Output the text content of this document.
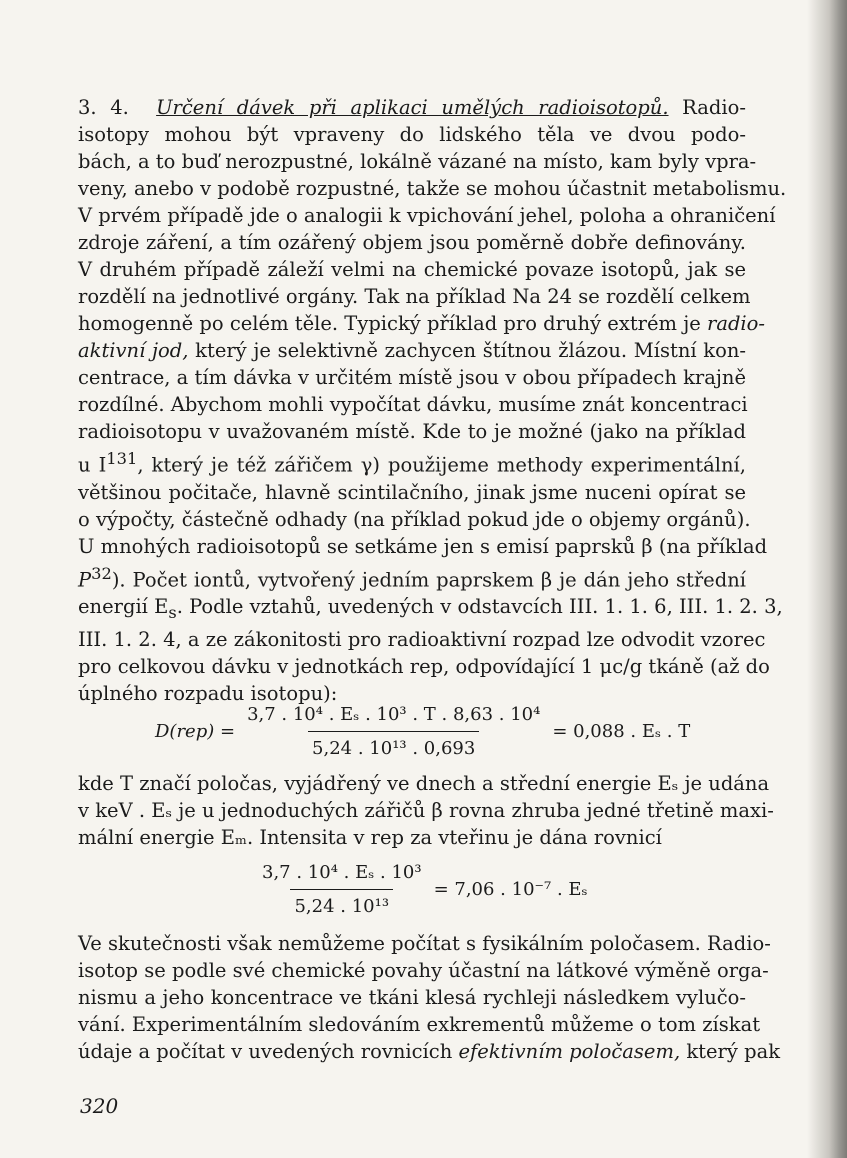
3. 4. Určení dávek při aplikaci umělých radioisotopů. Radio-
isotopy mohou být vpraveny do lidského těla ve dvou podo-
bách, a to buď nerozpustné, lokálně vázané na místo, kam byly vpra-
veny, anebo v podobě rozpustné, takže se mohou účastnit metabolismu.
V prvém případě jde o analogii k vpichování jehel, poloha a ohraničení
zdroje záření, a tím ozářený objem jsou poměrně dobře definovány.
V druhém případě záleží velmi na chemické povaze isotopů, jak se
rozdělí na jednotlivé orgány. Tak na příklad Na 24 se rozdělí celkem
homogenně po celém těle. Typický příklad pro druhý extrém je radio-
aktivní jod, který je selektivně zachycen štítnou žlázou. Místní kon-
centrace, a tím dávka v určitém místě jsou v obou případech krajně
rozdílné. Abychom mohli vypočítat dávku, musíme znát koncentraci
radioisotopu v uvažovaném místě. Kde to je možné (jako na příklad
u $I^{131}$, který je též zářičem γ) použijeme methody experimentální,
většinou počitače, hlavně scintilačního, jinak jsme nuceni opírat se
o výpočty, částečně odhady (na příklad pokud jde o objemy orgánů).
U mnohých radioisotopů se setkáme jen s emisí paprsků β (na příklad
$P^{32}$). Počet iontů, vytvořený jedním paprskem β je dán jeho střední
energií $E_s$. Podle vztahů, uvedených v odstavcích III. 1. 1. 6, III. 1. 2. 3,
III. 1. 2. 4, a ze zákonitosti pro radioaktivní rozpad lze odvodit vzorec
pro celkovou dávku v jednotkách rep, odpovídající 1 μc/g tkáně (až do
úplného rozpadu isotopu):
$D(rep) = \frac{\text{3,7 . 10⁴ . Eₛ . 10³ . T . 8,63 . 10⁴}}{\text{5,24 . 10¹³ . 0,693}} = 0,088$ . Eₛ . T
kde T značí poločas, vyjádřený ve dnech a střední energie Eₛ je udána
v keV . Eₛ je u jednoduchých zářičů β rovna zhruba jedné třetině maxi-
mální energie Eₘ. Intensita v rep za vteřinu je dána rovnicí
$\frac{\text{3,7 . 10⁴ . Eₛ . 10³}}{\text{5,24 . 10¹³}} = 7,06$ . 10⁻⁷ . Eₛ
Ve skutečnosti však nemůžeme počítat s fysikálním poločasem. Radio-
isotop se podle své chemické povahy účastní na látkové výměně orga-
nismu a jeho koncentrace ve tkáni klesá rychleji následkem vylučo-
vání. Experimentálním sledováním exkrementů můžeme o tom získat
údaje a počítat v uvedených rovnicích efektivním poločasem, který pak
320
